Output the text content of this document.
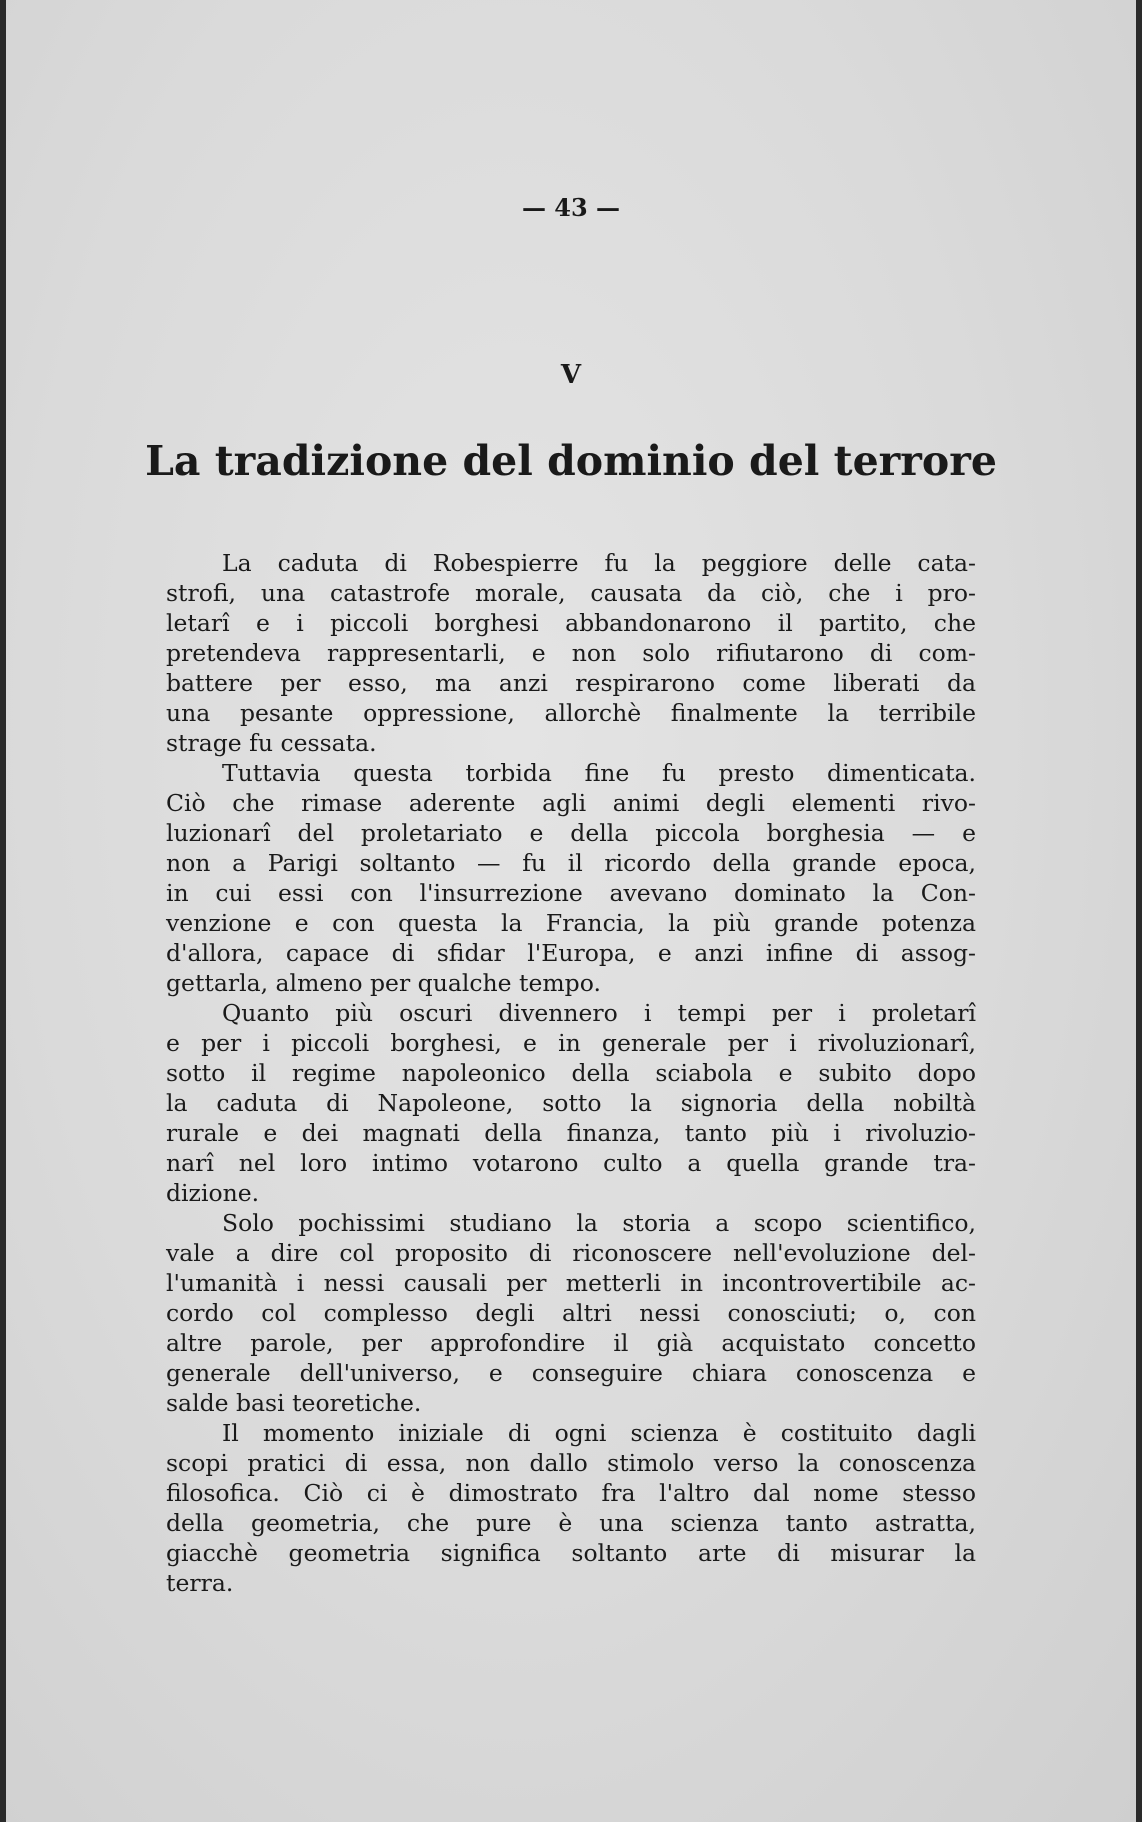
— 43 —
V
La tradizione del dominio del terrore
La caduta di Robespierre fu la peggiore delle cata-
strofi, una catastrofe morale, causata da ciò, che i pro-
letarî e i piccoli borghesi abbandonarono il partito, che
pretendeva rappresentarli, e non solo rifiutarono di com-
battere per esso, ma anzi respirarono come liberati da
una pesante oppressione, allorchè finalmente la terribile
strage fu cessata.
Tuttavia questa torbida fine fu presto dimenticata.
Ciò che rimase aderente agli animi degli elementi rivo-
luzionarî del proletariato e della piccola borghesia — e
non a Parigi soltanto — fu il ricordo della grande epoca,
in cui essi con l'insurrezione avevano dominato la Con-
venzione e con questa la Francia, la più grande potenza
d'allora, capace di sfidar l'Europa, e anzi infine di assog-
gettarla, almeno per qualche tempo.
Quanto più oscuri divennero i tempi per i proletarî
e per i piccoli borghesi, e in generale per i rivoluzionarî,
sotto il regime napoleonico della sciabola e subito dopo
la caduta di Napoleone, sotto la signoria della nobiltà
rurale e dei magnati della finanza, tanto più i rivoluzio-
narî nel loro intimo votarono culto a quella grande tra-
dizione.
Solo pochissimi studiano la storia a scopo scientifico,
vale a dire col proposito di riconoscere nell'evoluzione del-
l'umanità i nessi causali per metterli in incontrovertibile ac-
cordo col complesso degli altri nessi conosciuti; o, con
altre parole, per approfondire il già acquistato concetto
generale dell'universo, e conseguire chiara conoscenza e
salde basi teoretiche.
Il momento iniziale di ogni scienza è costituito dagli
scopi pratici di essa, non dallo stimolo verso la conoscenza
filosofica. Ciò ci è dimostrato fra l'altro dal nome stesso
della geometria, che pure è una scienza tanto astratta,
giacchè geometria significa soltanto arte di misurar la
terra.
